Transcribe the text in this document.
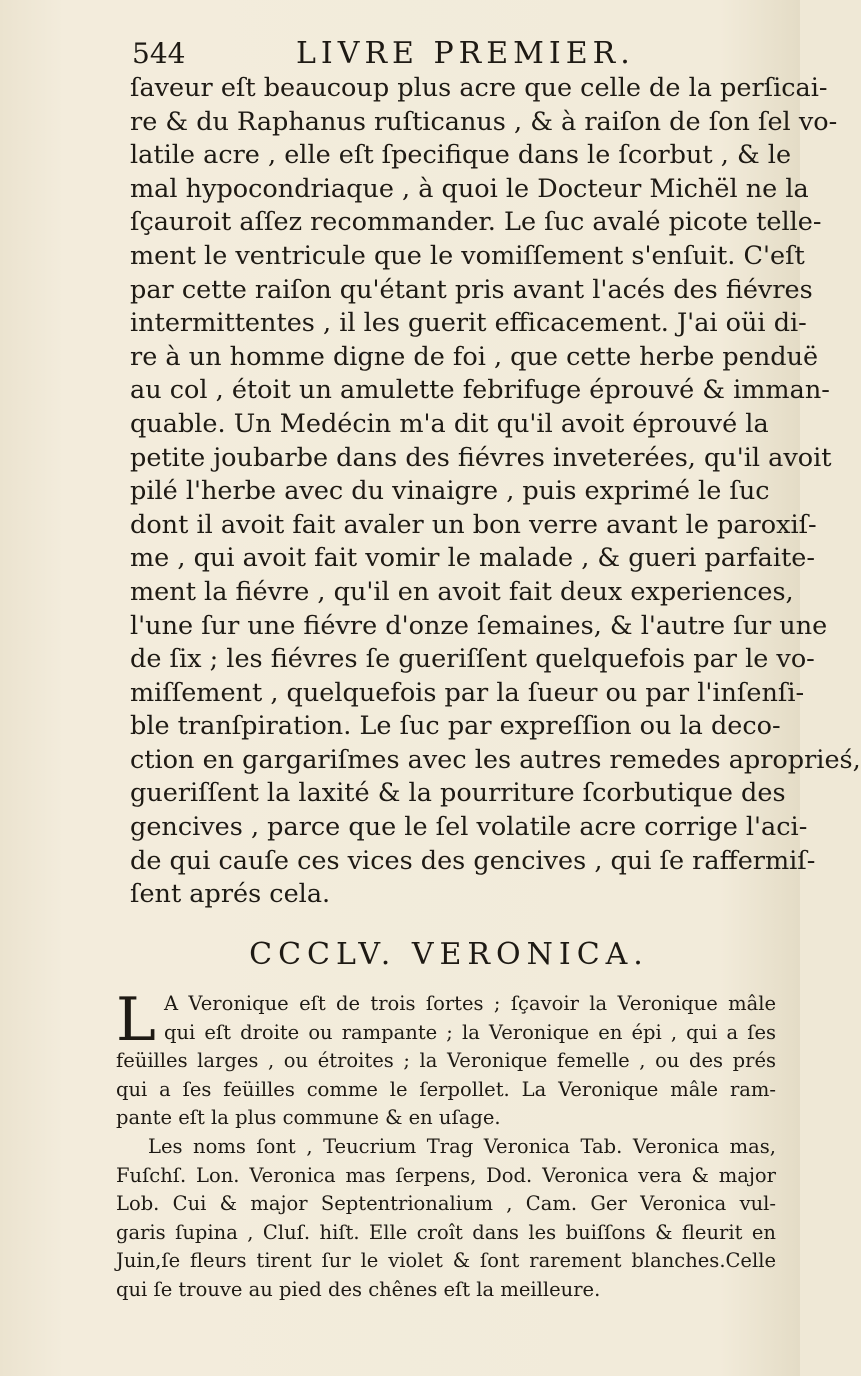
544	LIVRE PREMIER.
ſaveur eſt beaucoup plus acre que celle de la perſicai-
re & du Raphanus ruſticanus , & à raiſon de ſon ſel vo-
latile acre , elle eſt ſpecifique dans le ſcorbut , & le
mal hypocondriaque , à quoi le Docteur Michël ne la
ſçauroit aſſez recommander. Le ſuc avalé picote telle-
ment le ventricule que le vomiſſement s'enſuit. C'eſt
par cette raiſon qu'étant pris avant l'acés des fiévres
intermittentes , il les guerit efficacement. J'ai oüi di-
re à un homme digne de foi , que cette herbe penduë
au col , étoit un amulette febrifuge éprouvé & imman-
quable. Un Medécin m'a dit qu'il avoit éprouvé la
petite joubarbe dans des fiévres inveterées, qu'il avoit
pilé l'herbe avec du vinaigre , puis exprimé le ſuc
dont il avoit fait avaler un bon verre avant le paroxiſ-
me , qui avoit fait vomir le malade , & gueri parfaite-
ment la fiévre , qu'il en avoit fait deux experiences,
l'une ſur une fiévre d'onze ſemaines, & l'autre ſur une
de ſix ; les fiévres ſe gueriſſent quelquefois par le vo-
miſſement , quelquefois par la ſueur ou par l'inſenſi-
ble tranſpiration. Le ſuc par expreſſion ou la deco-
ction en gargariſmes avec les autres remedes aproprieś,
gueriſſent la laxité & la pourriture ſcorbutique des
gencives , parce que le ſel volatile acre corrige l'aci-
de qui cauſe ces vices des gencives , qui ſe raffermiſ-
ſent aprés cela.
CCCLV. VERONICA.
L A Veronique eſt de trois ſortes ; ſçavoir la Veronique mâle
qui eſt droite ou rampante ; la Veronique en épi , qui a ſes
feüilles larges , ou étroites ; la Veronique femelle , ou des prés
qui a ſes feüilles comme le ſerpollet. La Veronique mâle ram-
pante eſt la plus commune & en uſage.
Les noms ſont , Teucrium Trag Veronica Tab. Veronica mas,
Fuſchſ. Lon. Veronica mas ſerpens, Dod. Veronica vera & major
Lob. Cui & major Septentrionalium , Cam. Ger Veronica vul-
garis ſupina , Cluſ. hiſt. Elle croît dans les buiſſons & fleurit en
Juin,ſe fleurs tirent ſur le violet & ſont rarement blanches.Celle
qui ſe trouve au pied des chênes eſt la meilleure.
